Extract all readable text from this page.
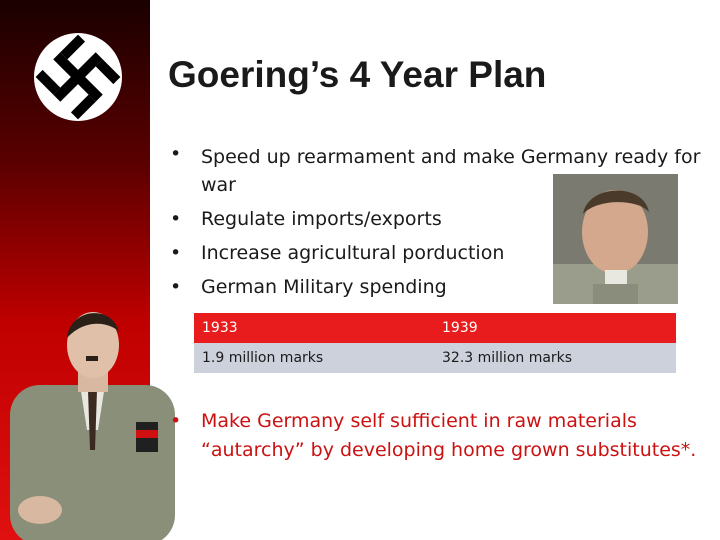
Goering’s 4 Year Plan
• Speed up rearmament and make Germany ready for war
• Regulate imports/exports
• Increase agricultural porduction
• German Military spending
1933	1939
1.9 million marks	32.3 million marks
• Make Germany self sufficient in raw materials “autarchy” by developing home grown substitutes*.
